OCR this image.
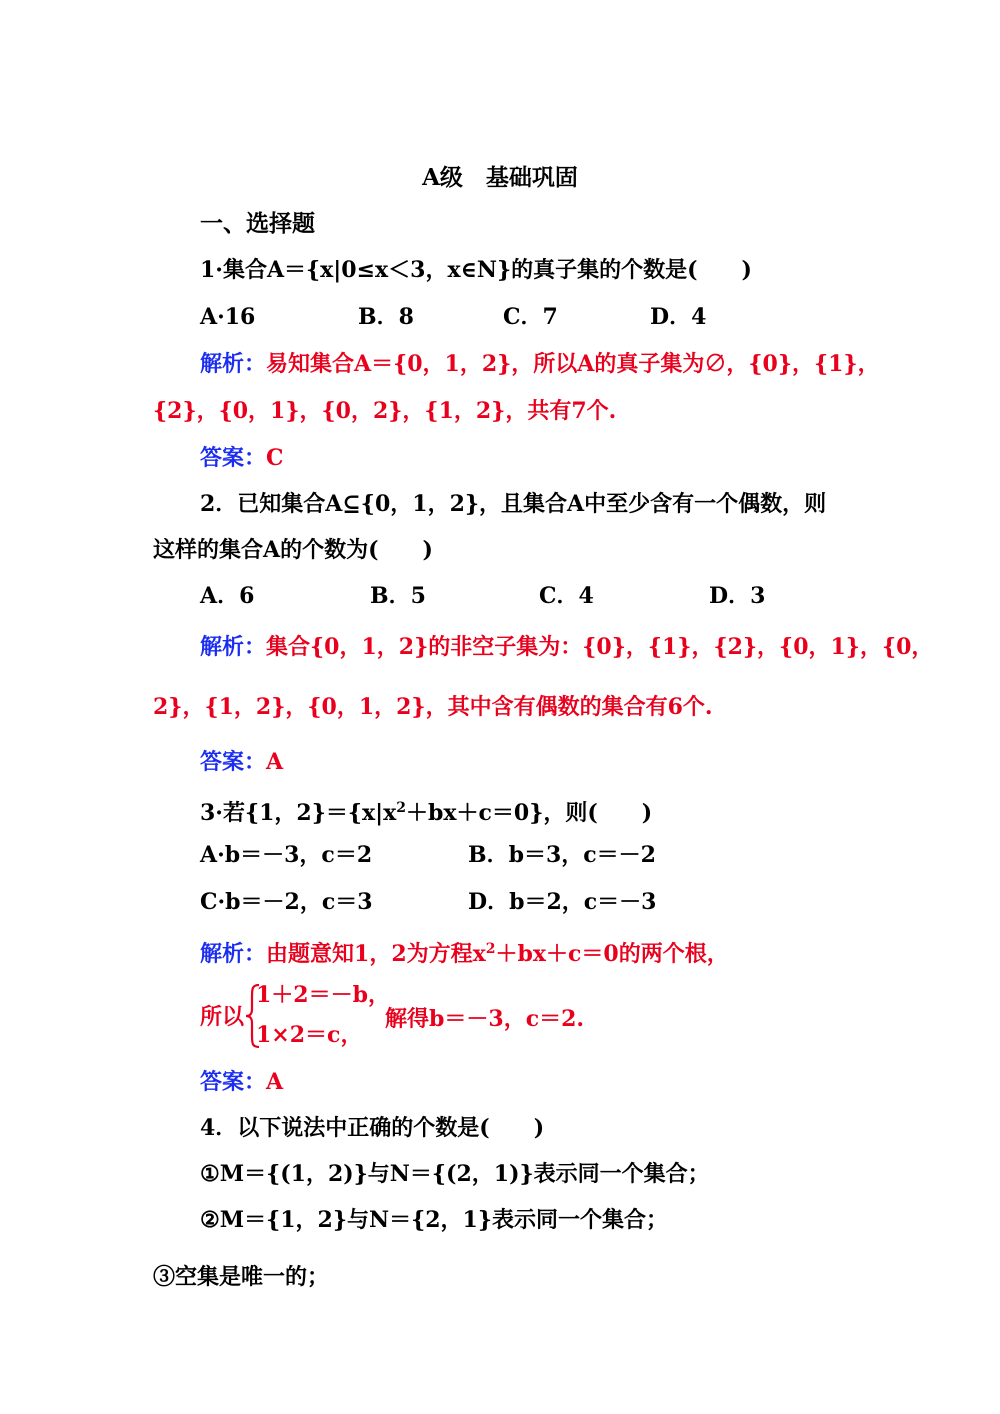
A级　基础巩固
一、选择题
1·集合A＝{x|0≤x＜3，x∈N}的真子集的个数是(　　)
A·16	B．8	C．7	D．4
解析：易知集合A＝{0，1，2}，所以A的真子集为∅，{0}，{1}，
{2}，{0，1}，{0，2}，{1，2}，共有7个.
答案：C
2．已知集合A⊆{0，1，2}，且集合A中至少含有一个偶数，则
这样的集合A的个数为(　　)
A．6	B．5	C．4	D．3
解析：集合{0，1，2}的非空子集为：{0}，{1}，{2}，{0，1}，{0，
2}，{1，2}，{0，1，2}，其中含有偶数的集合有6个.
答案：A
3·若{1，$2\}=\{x|x^2+bx+c=0\}$，则(　　)
A·b＝－3，c＝2	B．b＝3，c＝－2
C·b＝－2，c＝3	D．b＝2，c＝－3
解析：由题意知1，2为方程$x^2+bx+c=0$的两个根，
所以
1＋2＝－b，
1×2＝c，
解得b＝－3，c＝2.
答案：A
4．以下说法中正确的个数是(　　)
①M＝{(1，2)}与N＝{(2，1)}表示同一个集合；
②M＝{1，2}与N＝{2，1}表示同一个集合；
③空集是唯一的；
